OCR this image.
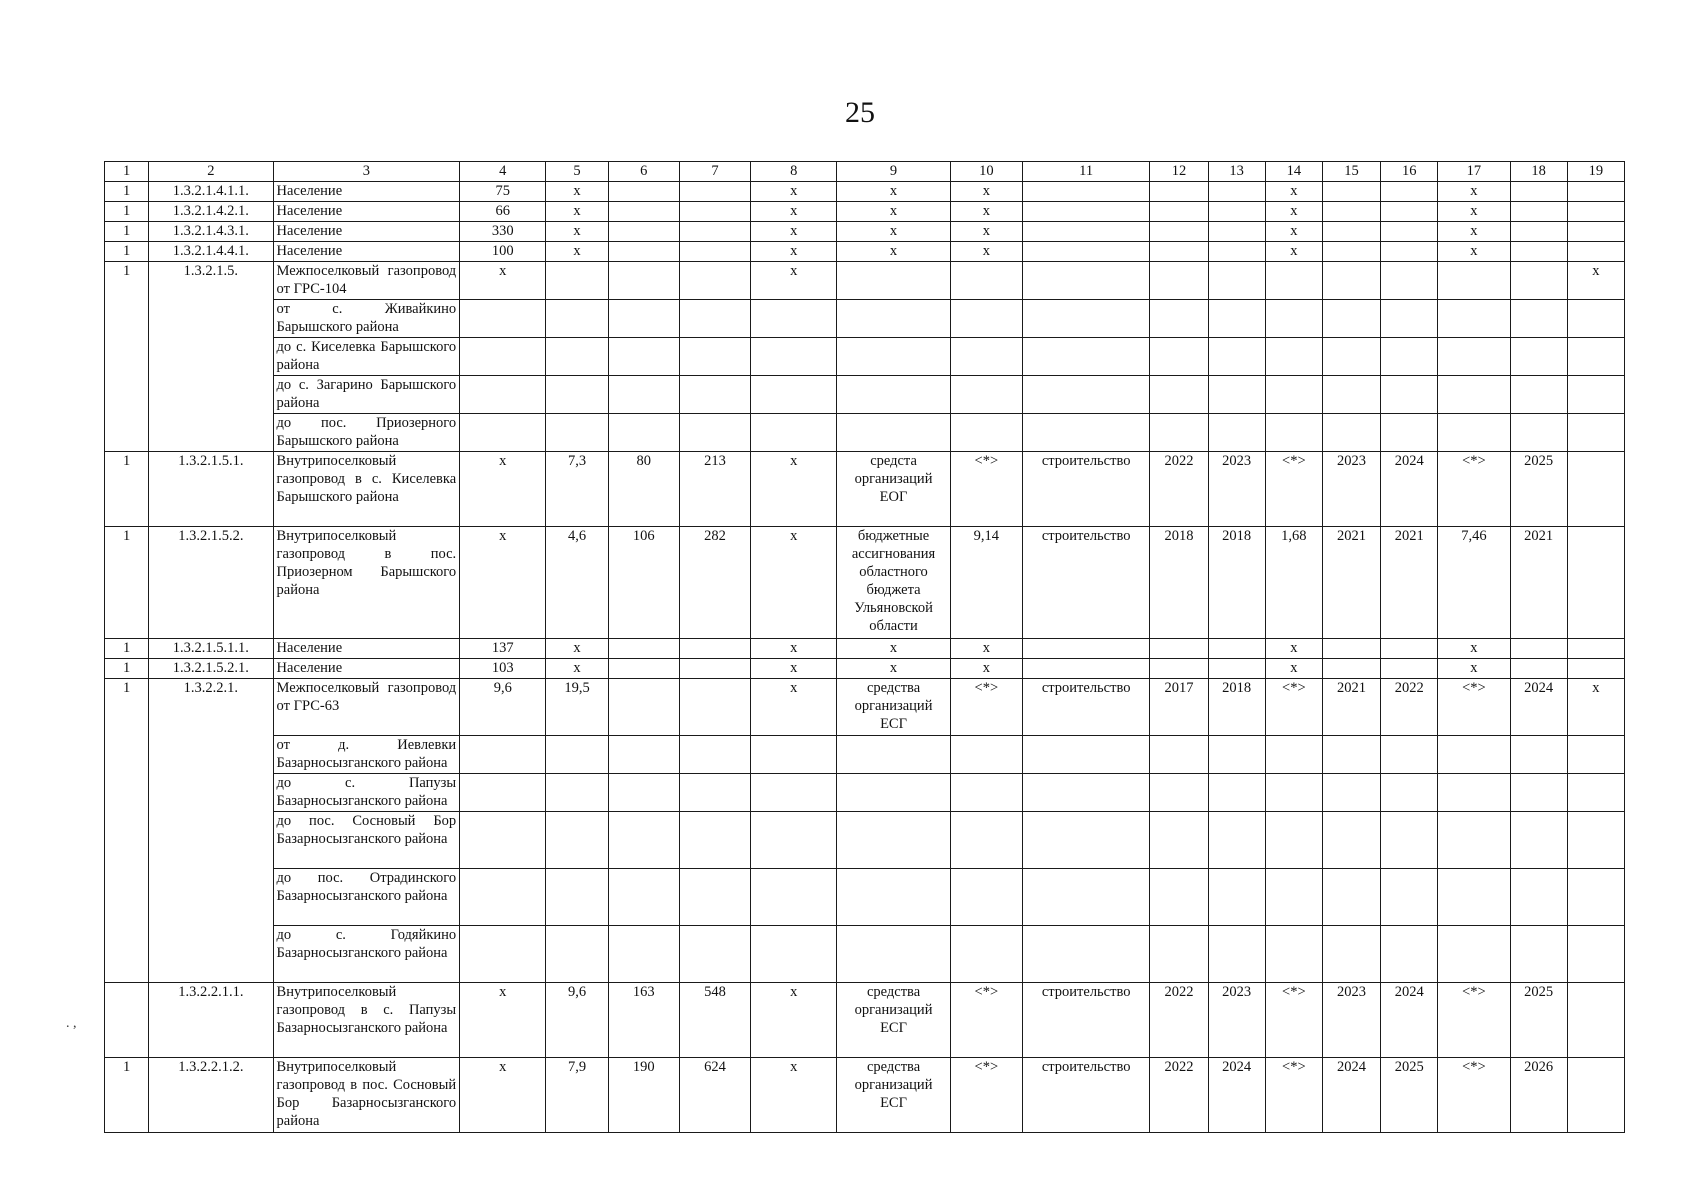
25
1	2	3	4	5	6	7	8	9	10	11	12	13	14	15	16	17	18	19
1	1.3.2.1.4.1.1.	Население	75	x			x	x	x				x			x		
1	1.3.2.1.4.2.1.	Население	66	x			x	x	x				x			x		
1	1.3.2.1.4.3.1.	Население	330	x			x	x	x				x			x		
1	1.3.2.1.4.4.1.	Население	100	x			x	x	x				x			x		
1	1.3.2.1.5.	Межпоселковый газопровод от ГРС-104	x				x											x
		от с. Живайкино Барышского района																
		до с. Киселевка Барышского района																
		до с. Загарино Барышского района																
		до пос. Приозерного Барышского района																
1	1.3.2.1.5.1.	Внутрипоселковый газопровод в с. Киселевка Барышского района	x	7,3	80	213	x	средста организаций ЕОГ	<*>	строительство	2022	2023	<*>	2023	2024	<*>	2025	
1	1.3.2.1.5.2.	Внутрипоселковый газопровод в пос. Приозерном Барышского района	x	4,6	106	282	x	бюджетные ассигнования областного бюджета Ульяновской области	9,14	строительство	2018	2018	1,68	2021	2021	7,46	2021	
1	1.3.2.1.5.1.1.	Население	137	x			x	x	x				x			x		
1	1.3.2.1.5.2.1.	Население	103	x			x	x	x				x			x		
1	1.3.2.2.1.	Межпоселковый газопровод от ГРС-63	9,6	19,5			x	средства организаций ЕСГ	<*>	строительство	2017	2018	<*>	2021	2022	<*>	2024	x
		от д. Иевлевки Базарносызганского района																
		до с. Папузы Базарносызганского района																
		до пос. Сосновый Бор Базарносызганского района																
		до пос. Отрадинского Базарносызганского района																
		до с. Годяйкино Базарносызганского района																
	1.3.2.2.1.1.	Внутрипоселковый газопровод в с. Папузы Базарносызганского района	x	9,6	163	548	x	средства организаций ЕСГ	<*>	строительство	2022	2023	<*>	2023	2024	<*>	2025	
1	1.3.2.2.1.2.	Внутрипоселковый газопровод в пос. Сосновый Бор Базарносызганского района	x	7,9	190	624	x	средства организаций ЕСГ	<*>	строительство	2022	2024	<*>	2024	2025	<*>	2026	
. ,
